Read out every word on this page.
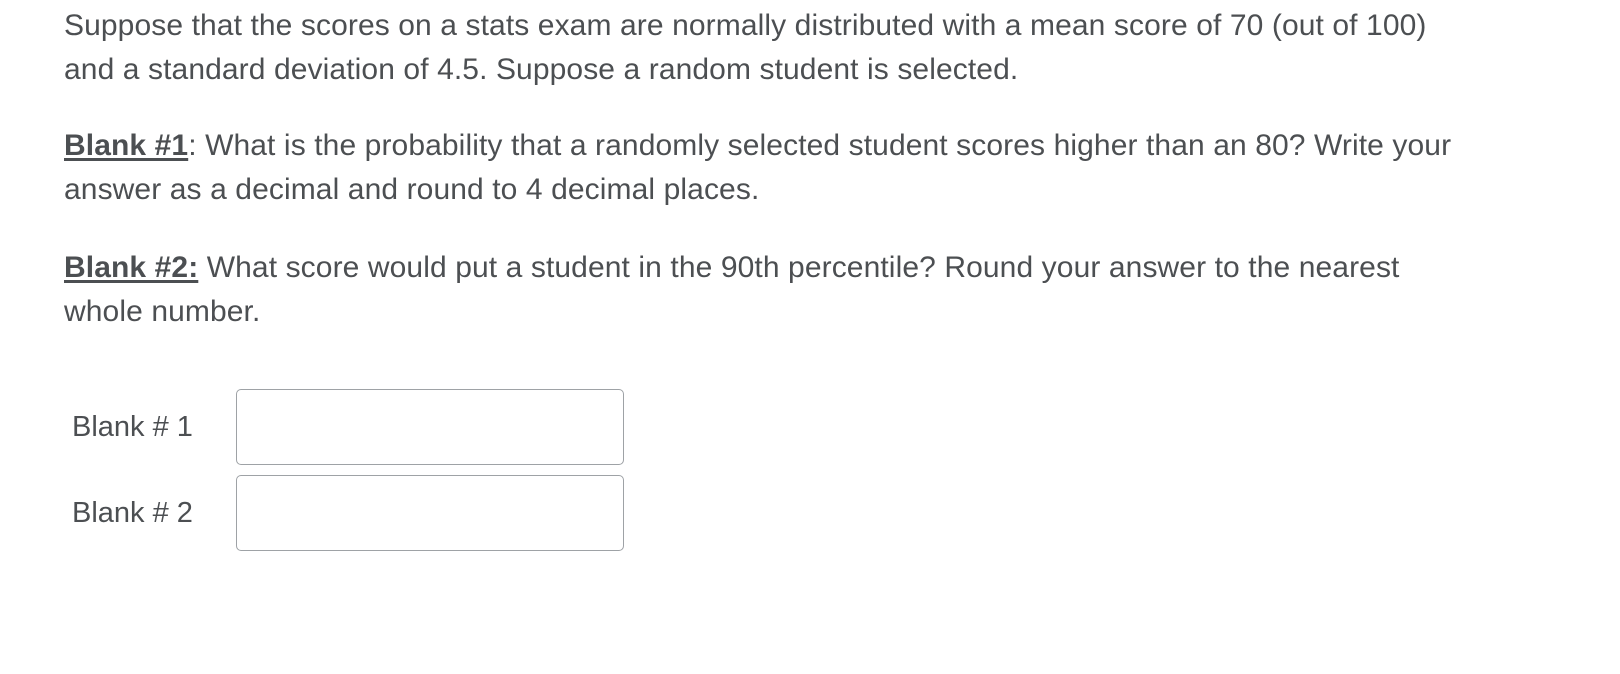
Suppose that the scores on a stats exam are normally distributed with a mean score of 70 (out of 100) and a standard deviation of 4.5. Suppose a random student is selected.

Blank #1: What is the probability that a randomly selected student scores higher than an 80? Write your answer as a decimal and round to 4 decimal places.

Blank #2: What score would put a student in the 90th percentile? Round your answer to the nearest whole number.

Blank # 1
Blank # 2
